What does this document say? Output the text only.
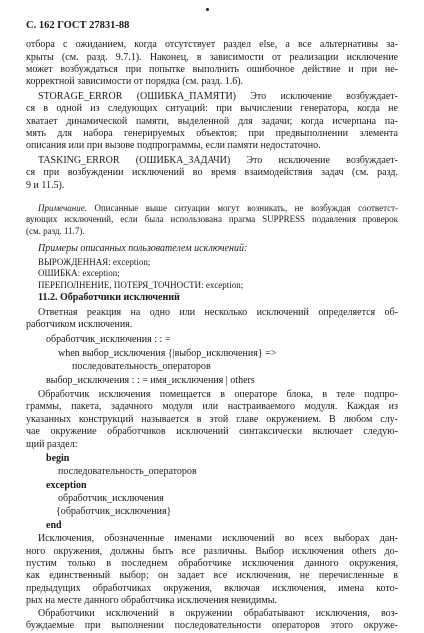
С. 162 ГОСТ 27831-88
отбора с ожиданием, когда отсутствует раздел else, а все альтернативы за-
крыты (см. разд. 9.7.1). Наконец, в зависимости от реализации исключение
может возбуждаться при попытке выполнить ошибочное действие и при не-
корректной зависимости от порядка (см. разд. 1.6).
STORAGE_ERROR (ОШИБКА_ПАМЯТИ) Это исключение возбуждает-
ся в одной из следующих ситуаций: при вычислении генератора, когда не
хватает динамической памяти, выделенной для задачи; когда исчерпана па-
мять для набора генерируемых объектов; при предвыполнении элемента
описания или при вызове подпрограммы, если памяти недостаточно.
TASKING_ERROR (ОШИБКА_ЗАДАЧИ) Это исключение возбуждает-
ся при возбуждении исключений во время взаимодействия задач (см. разд.
9 и 11.5).
Примечание. Описанные выше ситуации могут возникать, не возбуждая соответст-
вующих исключений, если была использована прагма SUPPRESS подавления проверок
(см. разд. 11.7).
Примеры описанных пользователем исключений:
ВЫРОЖДЕННАЯ: exception;
ОШИБКА: exception;
ПЕРЕПОЛНЕНИЕ, ПОТЕРЯ_ТОЧНОСТИ: exception;
11.2. Обработчики исключений
Ответная реакция на одно или несколько исключений определяется об-
работчиком исключения.
обработчик_исключения : : =
when выбор_исключения {|выбор_исключения} =>
последовательность_операторов
выбор_исключения : : = имя_исключения | others
Обработчик исключения помещается в операторе блока, в теле подпро-
граммы, пакета, задачного модуля или настраиваемого модуля. Каждая из
указанных конструкций называется в этой главе окружением. В любом слу-
чае окружение обработчиков исключений синтаксически включает следую-
щий раздел:
begin
последовательность_операторов
exception
обработчик_исключения
{обработчик_исключения}
end
Исключения, обозначенные именами исключений во всех выборах дан-
ного окружения, должны быть все различны. Выбор исключения others до-
пустим только в последнем обработчике исключения данного окружения,
как единственный выбор; он задает все исключения, не перечисленные в
предыдущих обработчиках окружения, включая исключения, имена кото-
рых на месте данного обработчика исключения невидимы.
Обработчики исключений в окружении обрабатывают исключения, воз-
буждаемые при выполнении последовательности операторов этого окруже-
